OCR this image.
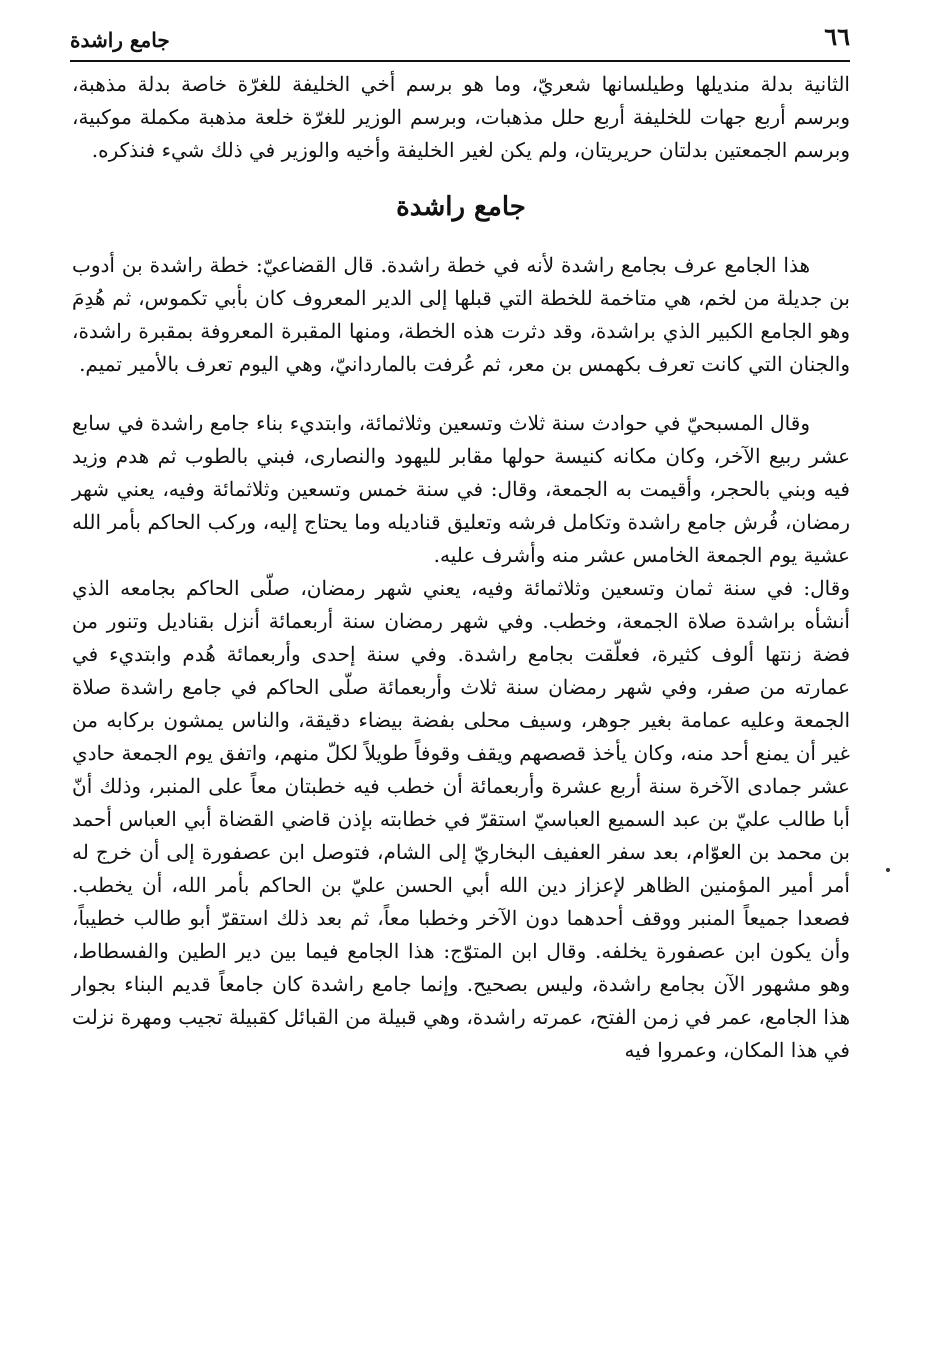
٦٦
جامع راشدة

الثانية بدلة منديلها وطيلسانها شعريّ، وما هو برسم أخي الخليفة للغرّة خاصة بدلة مذهبة، وبرسم أربع جهات للخليفة أربع حلل مذهبات، وبرسم الوزير للغرّة خلعة مذهبة مكملة موكبية، وبرسم الجمعتين بدلتان حريريتان، ولم يكن لغير الخليفة وأخيه والوزير في ذلك شيء فنذكره.

جامع راشدة

هذا الجامع عرف بجامع راشدة لأنه في خطة راشدة. قال القضاعيّ: خطة راشدة بن أدوب بن جديلة من لخم، هي متاخمة للخطة التي قبلها إلى الدير المعروف كان بأبي تكموس، ثم هُدِمَ وهو الجامع الكبير الذي براشدة، وقد دثرت هذه الخطة، ومنها المقبرة المعروفة بمقبرة راشدة، والجنان التي كانت تعرف بكهمس بن معر، ثم عُرفت بالماردانيّ، وهي اليوم تعرف بالأمير تميم.

وقال المسبحيّ في حوادث سنة ثلاث وتسعين وثلاثمائة، وابتديء بناء جامع راشدة في سابع عشر ربيع الآخر، وكان مكانه كنيسة حولها مقابر لليهود والنصارى، فبني بالطوب ثم هدم وزيد فيه وبني بالحجر، وأقيمت به الجمعة، وقال: في سنة خمس وتسعين وثلاثمائة وفيه، يعني شهر رمضان، فُرش جامع راشدة وتكامل فرشه وتعليق قناديله وما يحتاج إليه، وركب الحاكم بأمر الله عشية يوم الجمعة الخامس عشر منه وأشرف عليه.

وقال: في سنة ثمان وتسعين وثلاثمائة وفيه، يعني شهر رمضان، صلّى الحاكم بجامعه الذي أنشأه براشدة صلاة الجمعة، وخطب. وفي شهر رمضان سنة أربعمائة أنزل بقناديل وتنور من فضة زنتها ألوف كثيرة، فعلّقت بجامع راشدة. وفي سنة إحدى وأربعمائة هُدم وابتديء في عمارته من صفر، وفي شهر رمضان سنة ثلاث وأربعمائة صلّى الحاكم في جامع راشدة صلاة الجمعة وعليه عمامة بغير جوهر، وسيف محلى بفضة بيضاء دقيقة، والناس يمشون بركابه من غير أن يمنع أحد منه، وكان يأخذ قصصهم ويقف وقوفاً طويلاً لكلّ منهم، واتفق يوم الجمعة حادي عشر جمادى الآخرة سنة أربع عشرة وأربعمائة أن خطب فيه خطبتان معاً على المنبر، وذلك أنّ أبا طالب عليّ بن عبد السميع العباسيّ استقرّ في خطابته بإذن قاضي القضاة أبي العباس أحمد بن محمد بن العوّام، بعد سفر العفيف البخاريّ إلى الشام، فتوصل ابن عصفورة إلى أن خرج له أمر أمير المؤمنين الظاهر لإعزاز دين الله أبي الحسن عليّ بن الحاكم بأمر الله، أن يخطب. فصعدا جميعاً المنبر ووقف أحدهما دون الآخر وخطبا معاً، ثم بعد ذلك استقرّ أبو طالب خطيباً، وأن يكون ابن عصفورة يخلفه. وقال ابن المتوّج: هذا الجامع فيما بين دير الطين والفسطاط، وهو مشهور الآن بجامع راشدة، وليس بصحيح. وإنما جامع راشدة كان جامعاً قديم البناء بجوار هذا الجامع، عمر في زمن الفتح، عمرته راشدة، وهي قبيلة من القبائل كقبيلة تجيب ومهرة نزلت في هذا المكان، وعمروا فيه
